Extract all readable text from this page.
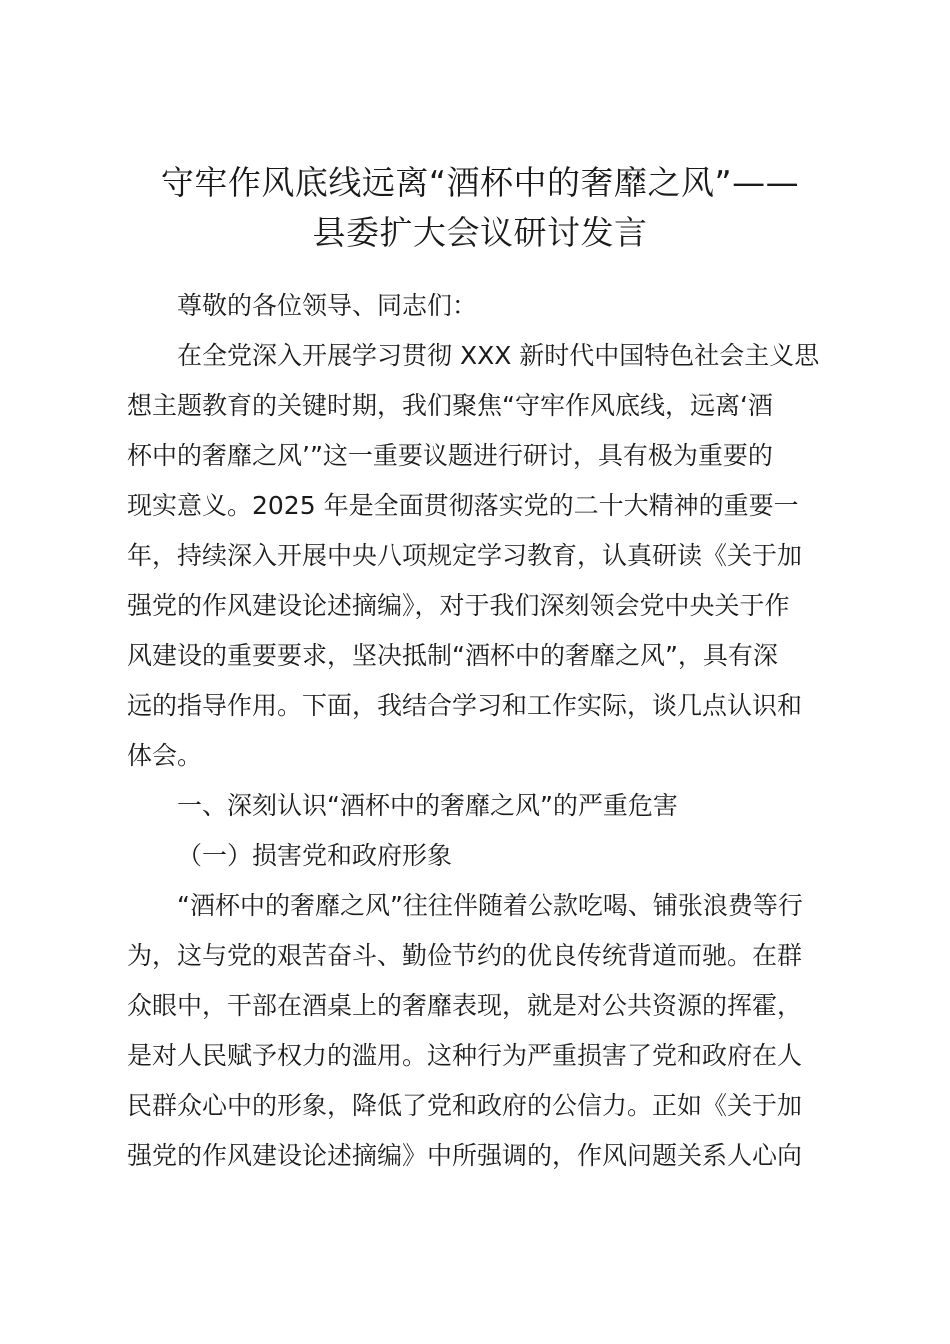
守牢作风底线远离“酒杯中的奢靡之风”——
县委扩大会议研讨发言

尊敬的各位领导、同志们：

在全党深入开展学习贯彻 XXX 新时代中国特色社会主义思
想主题教育的关键时期，我们聚焦“守牢作风底线，远离‘酒
杯中的奢靡之风’”这一重要议题进行研讨，具有极为重要的
现实意义。2025 年是全面贯彻落实党的二十大精神的重要一
年，持续深入开展中央八项规定学习教育，认真研读《关于加
强党的作风建设论述摘编》，对于我们深刻领会党中央关于作
风建设的重要要求，坚决抵制“酒杯中的奢靡之风”，具有深
远的指导作用。下面，我结合学习和工作实际，谈几点认识和
体会。

一、深刻认识“酒杯中的奢靡之风”的严重危害

（一）损害党和政府形象

“酒杯中的奢靡之风”往往伴随着公款吃喝、铺张浪费等行
为，这与党的艰苦奋斗、勤俭节约的优良传统背道而驰。在群
众眼中，干部在酒桌上的奢靡表现，就是对公共资源的挥霍，
是对人民赋予权力的滥用。这种行为严重损害了党和政府在人
民群众心中的形象，降低了党和政府的公信力。正如《关于加
强党的作风建设论述摘编》中所强调的，作风问题关系人心向
